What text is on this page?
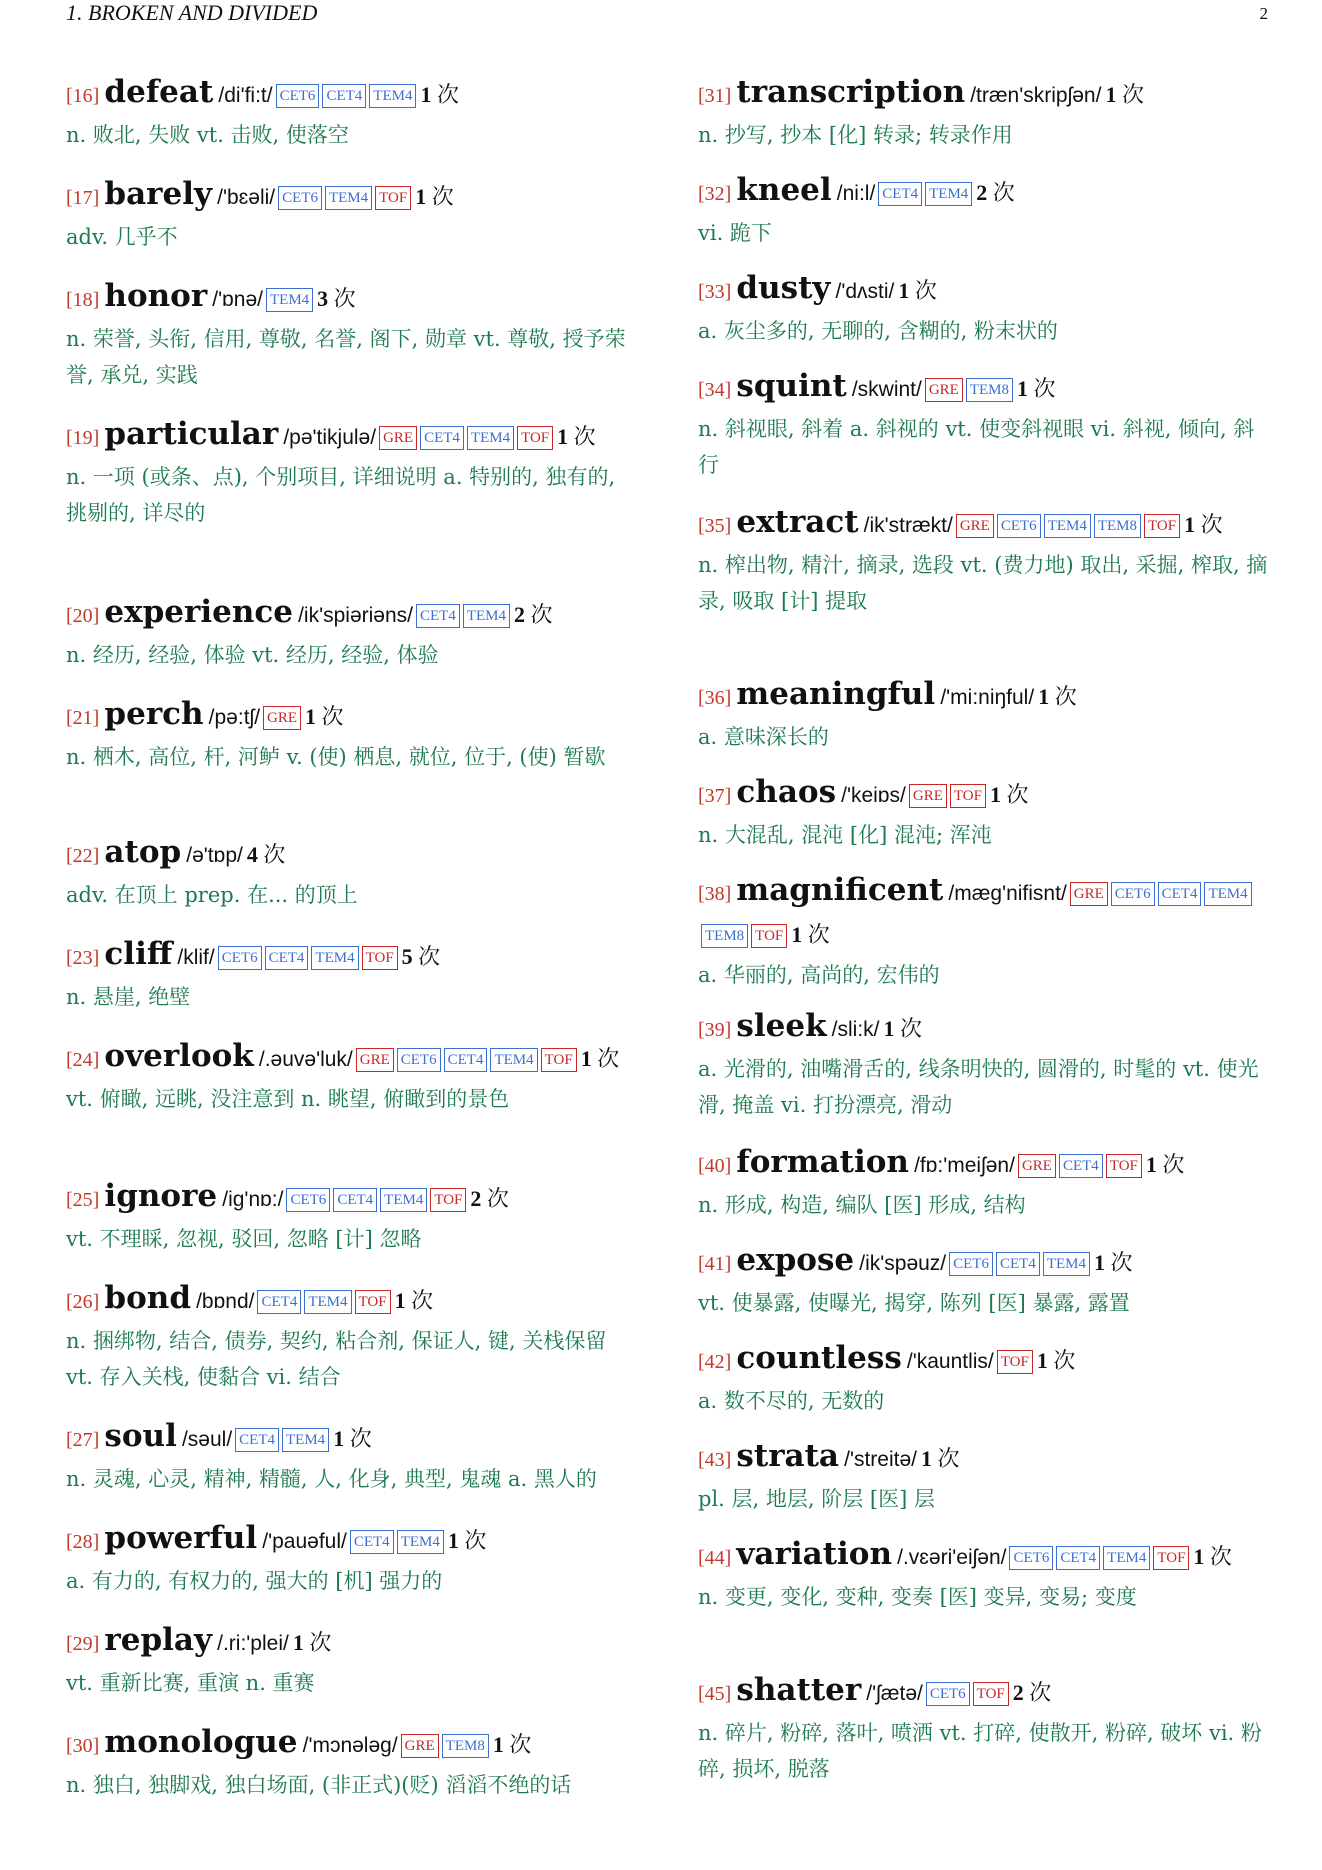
1. BROKEN AND DIVIDED	2
[16] defeat /di'fi:t/ CET6 CET4 TEM4 1 次
n. 败北, 失败 vt. 击败, 使落空
[17] barely /'bɛəli/ CET6 TEM4 TOF 1 次
adv. 几乎不
[18] honor /'ɒnə/ TEM4 3 次
n. 荣誉, 头衔, 信用, 尊敬, 名誉, 阁下, 勋章 vt. 尊敬, 授予荣誉, 承兑, 实践
[19] particular /pə'tikjulə/ GRE CET4 TEM4 TOF 1 次
n. 一项 (或条、点), 个别项目, 详细说明 a. 特别的, 独有的, 挑剔的, 详尽的
[20] experience /ik'spiəriəns/ CET4 TEM4 2 次
n. 经历, 经验, 体验 vt. 经历, 经验, 体验
[21] perch /pə:tʃ/ GRE 1 次
n. 栖木, 高位, 杆, 河鲈 v. (使) 栖息, 就位, 位于, (使) 暂歇
[22] atop /ə'tɒp/ 4 次
adv. 在顶上 prep. 在... 的顶上
[23] cliff /klif/ CET6 CET4 TEM4 TOF 5 次
n. 悬崖, 绝壁
[24] overlook /.əuvə'luk/ GRE CET6 CET4 TEM4 TOF 1 次
vt. 俯瞰, 远眺, 没注意到 n. 眺望, 俯瞰到的景色
[25] ignore /ig'nɒ:/ CET6 CET4 TEM4 TOF 2 次
vt. 不理睬, 忽视, 驳回, 忽略 [计] 忽略
[26] bond /bɒnd/ CET4 TEM4 TOF 1 次
n. 捆绑物, 结合, 债券, 契约, 粘合剂, 保证人, 键, 关栈保留 vt. 存入关栈, 使黏合 vi. 结合
[27] soul /səul/ CET4 TEM4 1 次
n. 灵魂, 心灵, 精神, 精髓, 人, 化身, 典型, 鬼魂 a. 黑人的
[28] powerful /'pauəful/ CET4 TEM4 1 次
a. 有力的, 有权力的, 强大的 [机] 强力的
[29] replay /.ri:'plei/ 1 次
vt. 重新比赛, 重演 n. 重赛
[30] monologue /'mɔnələg/ GRE TEM8 1 次
n. 独白, 独脚戏, 独白场面, (非正式)(贬) 滔滔不绝的话
[31] transcription /træn'skripʃən/ 1 次
n. 抄写, 抄本 [化] 转录; 转录作用
[32] kneel /ni:l/ CET4 TEM4 2 次
vi. 跪下
[33] dusty /'dʌsti/ 1 次
a. 灰尘多的, 无聊的, 含糊的, 粉末状的
[34] squint /skwint/ GRE TEM8 1 次
n. 斜视眼, 斜着 a. 斜视的 vt. 使变斜视眼 vi. 斜视, 倾向, 斜行
[35] extract /ik'strækt/ GRE CET6 TEM4 TEM8 TOF 1 次
n. 榨出物, 精汁, 摘录, 选段 vt. (费力地) 取出, 采掘, 榨取, 摘录, 吸取 [计] 提取
[36] meaningful /'mi:niŋful/ 1 次
a. 意味深长的
[37] chaos /'keiɒs/ GRE TOF 1 次
n. 大混乱, 混沌 [化] 混沌; 浑沌
[38] magnificent /mæg'nifisnt/ GRE CET6 CET4 TEM4TEM8 TOF 1 次
a. 华丽的, 高尚的, 宏伟的
[39] sleek /sli:k/ 1 次
a. 光滑的, 油嘴滑舌的, 线条明快的, 圆滑的, 时髦的 vt. 使光滑, 掩盖 vi. 打扮漂亮, 滑动
[40] formation /fɒ:'meiʃən/ GRE CET4 TOF 1 次
n. 形成, 构造, 编队 [医] 形成, 结构
[41] expose /ik'spəuz/ CET6 CET4 TEM4 1 次
vt. 使暴露, 使曝光, 揭穿, 陈列 [医] 暴露, 露置
[42] countless /'kauntlis/ TOF 1 次
a. 数不尽的, 无数的
[43] strata /'streitə/ 1 次
pl. 层, 地层, 阶层 [医] 层
[44] variation /.vɛəri'eiʃən/ CET6 CET4 TEM4 TOF 1 次
n. 变更, 变化, 变种, 变奏 [医] 变异, 变易; 变度
[45] shatter /'ʃætə/ CET6 TOF 2 次
n. 碎片, 粉碎, 落叶, 喷洒 vt. 打碎, 使散开, 粉碎, 破坏 vi. 粉碎, 损坏, 脱落
